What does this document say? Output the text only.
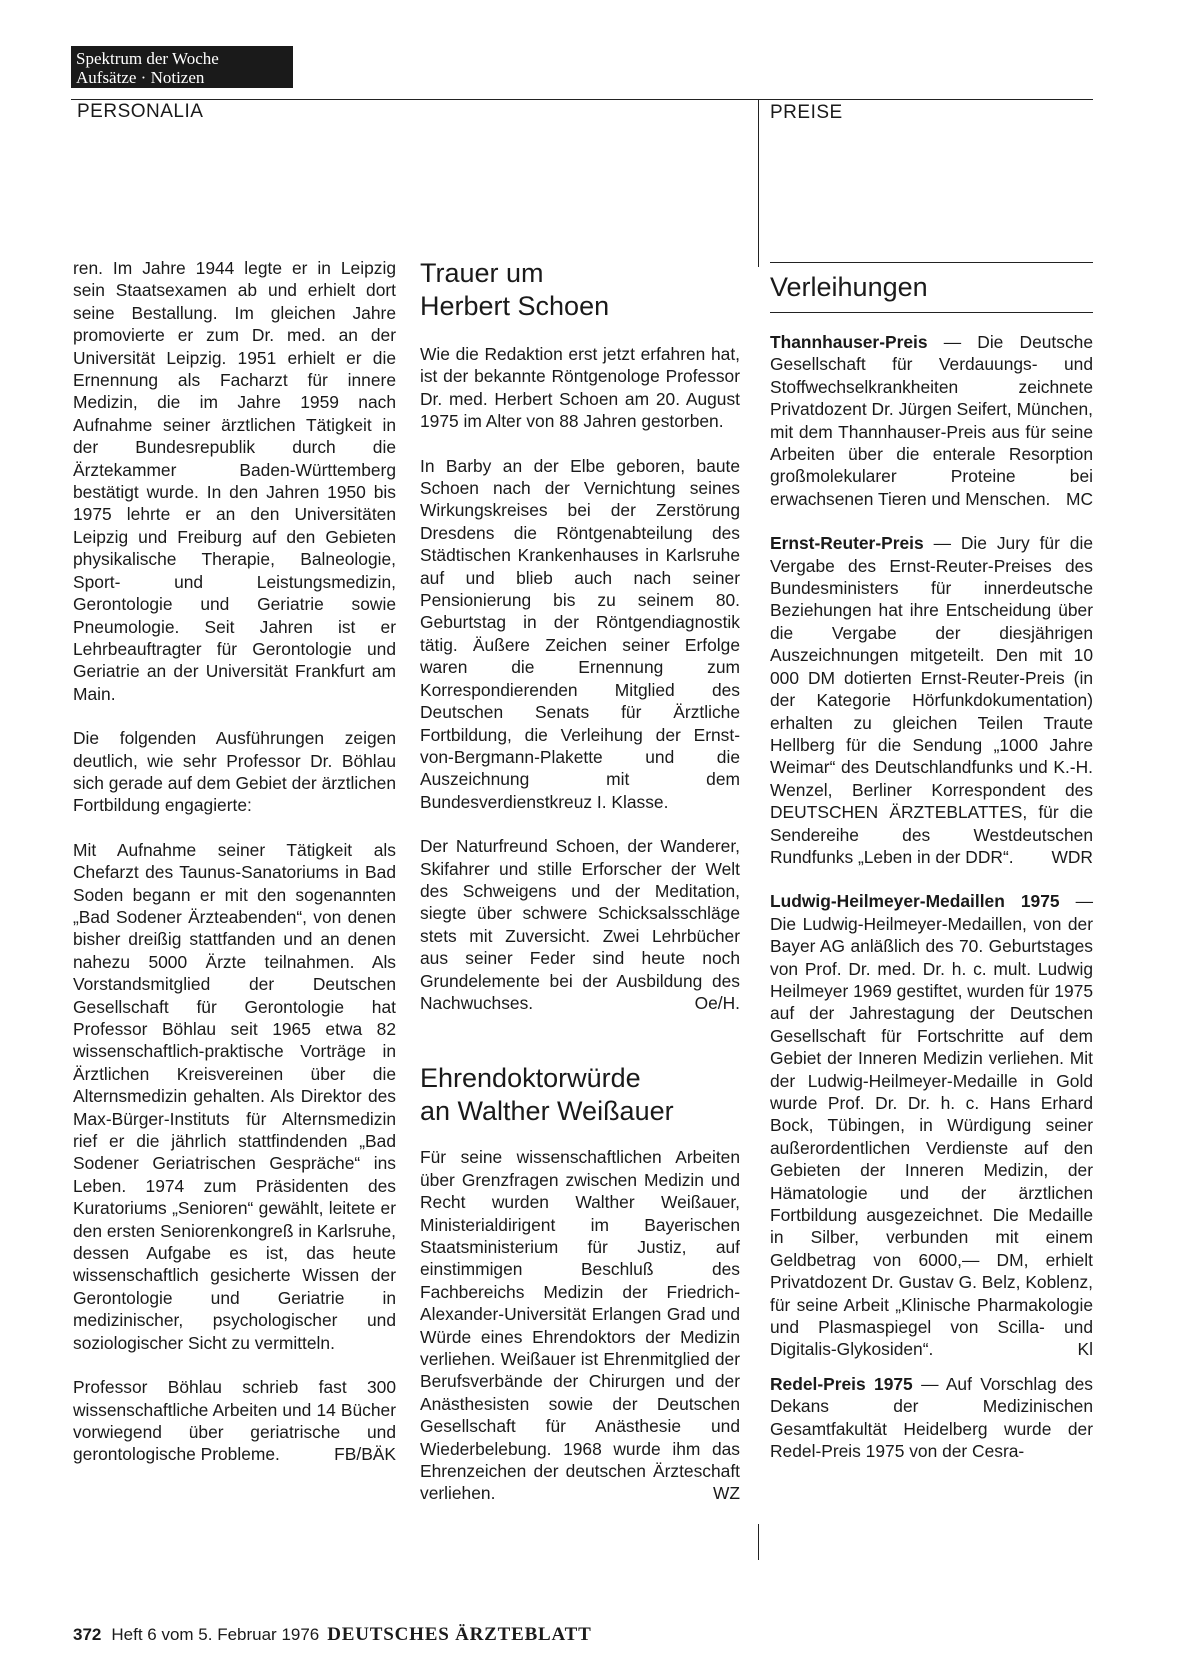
Spektrum der Woche
Aufsätze · Notizen
PERSONALIA	PREISE

ren. Im Jahre 1944 legte er in Leipzig sein Staatsexamen ab und erhielt dort seine Bestallung. Im gleichen Jahre promovierte er zum Dr. med. an der Universität Leipzig. 1951 erhielt er die Ernennung als Facharzt für innere Medizin, die im Jahre 1959 nach Aufnahme seiner ärztlichen Tätigkeit in der Bundesrepublik durch die Ärztekammer Baden-Württemberg bestätigt wurde. In den Jahren 1950 bis 1975 lehrte er an den Universitäten Leipzig und Freiburg auf den Gebieten physikalische Therapie, Balneologie, Sport- und Leistungsmedizin, Gerontologie und Geriatrie sowie Pneumologie. Seit Jahren ist er Lehrbeauftragter für Gerontologie und Geriatrie an der Universität Frankfurt am Main.

Die folgenden Ausführungen zeigen deutlich, wie sehr Professor Dr. Böhlau sich gerade auf dem Gebiet der ärztlichen Fortbildung engagierte:

Mit Aufnahme seiner Tätigkeit als Chefarzt des Taunus-Sanatoriums in Bad Soden begann er mit den sogenannten „Bad Sodener Ärzteabenden“, von denen bisher dreißig stattfanden und an denen nahezu 5000 Ärzte teilnahmen. Als Vorstandsmitglied der Deutschen Gesellschaft für Gerontologie hat Professor Böhlau seit 1965 etwa 82 wissenschaftlich-praktische Vorträge in Ärztlichen Kreisvereinen über die Alternsmedizin gehalten. Als Direktor des Max-Bürger-Instituts für Alternsmedizin rief er die jährlich stattfindenden „Bad Sodener Geriatrischen Gespräche“ ins Leben. 1974 zum Präsidenten des Kuratoriums „Senioren“ gewählt, leitete er den ersten Seniorenkongreß in Karlsruhe, dessen Aufgabe es ist, das heute wissenschaftlich gesicherte Wissen der Gerontologie und Geriatrie in medizinischer, psychologischer und soziologischer Sicht zu vermitteln.

Professor Böhlau schrieb fast 300 wissenschaftliche Arbeiten und 14 Bücher vorwiegend über geriatrische und gerontologische Probleme.	FB/BÄK

Trauer um
Herbert Schoen

Wie die Redaktion erst jetzt erfahren hat, ist der bekannte Röntgenologe Professor Dr. med. Herbert Schoen am 20. August 1975 im Alter von 88 Jahren gestorben.

In Barby an der Elbe geboren, baute Schoen nach der Vernichtung seines Wirkungskreises bei der Zerstörung Dresdens die Röntgenabteilung des Städtischen Krankenhauses in Karlsruhe auf und blieb auch nach seiner Pensionierung bis zu seinem 80. Geburtstag in der Röntgendiagnostik tätig. Äußere Zeichen seiner Erfolge waren die Ernennung zum Korrespondierenden Mitglied des Deutschen Senats für Ärztliche Fortbildung, die Verleihung der Ernst-von-Bergmann-Plakette und die Auszeichnung mit dem Bundesverdienstkreuz I. Klasse.

Der Naturfreund Schoen, der Wanderer, Skifahrer und stille Erforscher der Welt des Schweigens und der Meditation, siegte über schwere Schicksalsschläge stets mit Zuversicht. Zwei Lehrbücher aus seiner Feder sind heute noch Grundelemente bei der Ausbildung des Nachwuchses.	Oe/H.

Ehrendoktorwürde
an Walther Weißauer

Für seine wissenschaftlichen Arbeiten über Grenzfragen zwischen Medizin und Recht wurden Walther Weißauer, Ministerialdirigent im Bayerischen Staatsministerium für Justiz, auf einstimmigen Beschluß des Fachbereichs Medizin der Friedrich-Alexander-Universität Erlangen Grad und Würde eines Ehrendoktors der Medizin verliehen. Weißauer ist Ehrenmitglied der Berufsverbände der Chirurgen und der Anästhesisten sowie der Deutschen Gesellschaft für Anästhesie und Wiederbelebung. 1968 wurde ihm das Ehrenzeichen der deutschen Ärzteschaft verliehen.	WZ

Verleihungen

Thannhauser-Preis — Die Deutsche Gesellschaft für Verdauungs- und Stoffwechselkrankheiten zeichnete Privatdozent Dr. Jürgen Seifert, München, mit dem Thannhauser-Preis aus für seine Arbeiten über die enterale Resorption großmolekularer Proteine bei erwachsenen Tieren und Menschen. MC

Ernst-Reuter-Preis — Die Jury für die Vergabe des Ernst-Reuter-Preises des Bundesministers für innerdeutsche Beziehungen hat ihre Entscheidung über die Vergabe der diesjährigen Auszeichnungen mitgeteilt. Den mit 10 000 DM dotierten Ernst-Reuter-Preis (in der Kategorie Hörfunkdokumentation) erhalten zu gleichen Teilen Traute Hellberg für die Sendung „1000 Jahre Weimar“ des Deutschlandfunks und K.-H. Wenzel, Berliner Korrespondent des DEUTSCHEN ÄRZTEBLATTES, für die Sendereihe des Westdeutschen Rundfunks „Leben in der DDR“. WDR

Ludwig-Heilmeyer-Medaillen 1975 — Die Ludwig-Heilmeyer-Medaillen, von der Bayer AG anläßlich des 70. Geburtstages von Prof. Dr. med. Dr. h. c. mult. Ludwig Heilmeyer 1969 gestiftet, wurden für 1975 auf der Jahrestagung der Deutschen Gesellschaft für Fortschritte auf dem Gebiet der Inneren Medizin verliehen. Mit der Ludwig-Heilmeyer-Medaille in Gold wurde Prof. Dr. Dr. h. c. Hans Erhard Bock, Tübingen, in Würdigung seiner außerordentlichen Verdienste auf den Gebieten der Inneren Medizin, der Hämatologie und der ärztlichen Fortbildung ausgezeichnet. Die Medaille in Silber, verbunden mit einem Geldbetrag von 6000,— DM, erhielt Privatdozent Dr. Gustav G. Belz, Koblenz, für seine Arbeit „Klinische Pharmakologie und Plasmaspiegel von Scilla- und Digitalis-Glykosiden“.	Kl

Redel-Preis 1975 — Auf Vorschlag des Dekans der Medizinischen Gesamtfakultät Heidelberg wurde der Redel-Preis 1975 von der Cesra-

372 Heft 6 vom 5. Februar 1976 DEUTSCHES ÄRZTEBLATT
